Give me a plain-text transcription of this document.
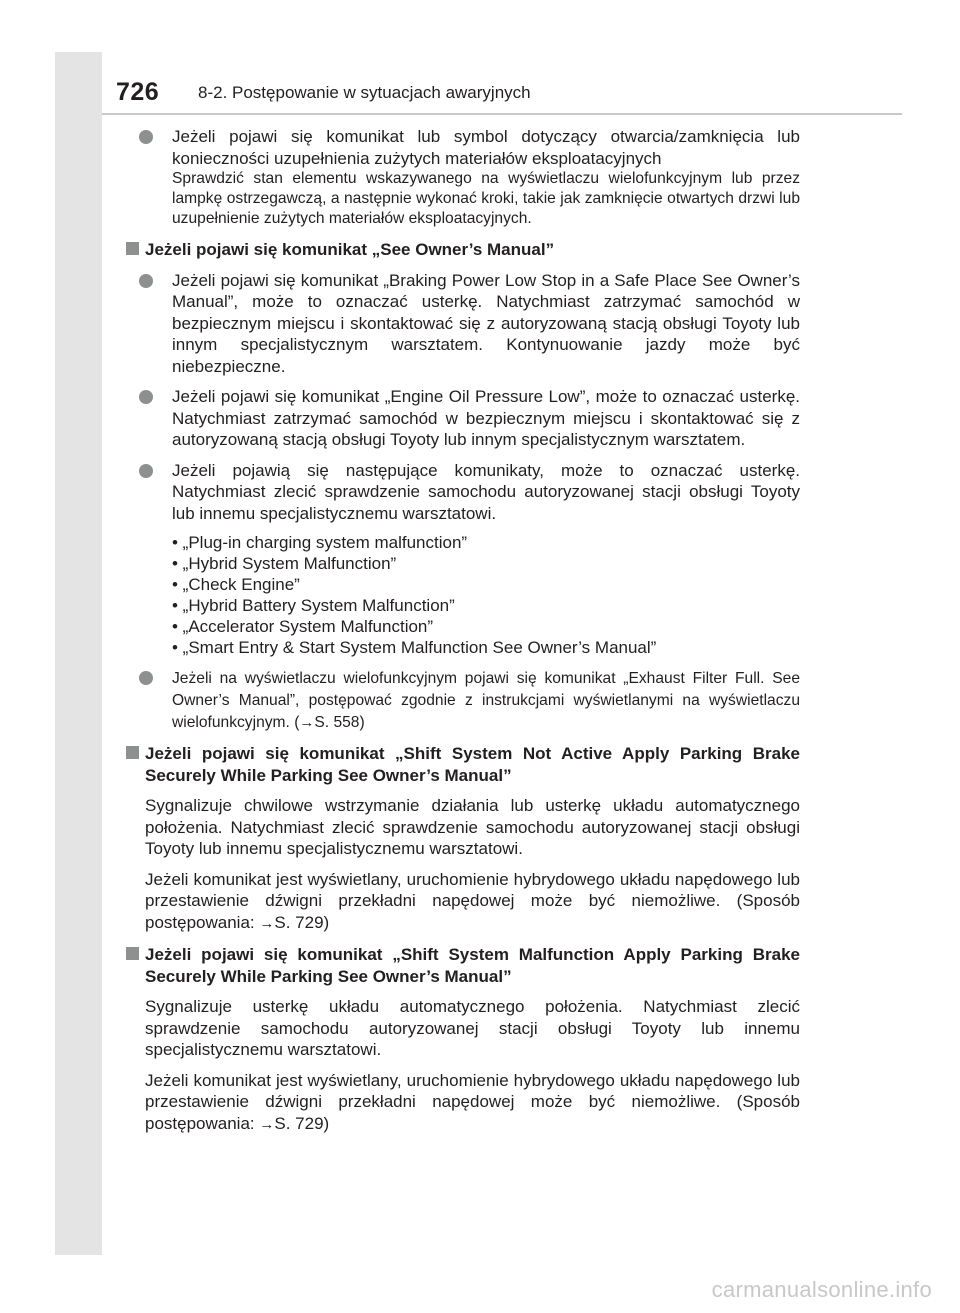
726 8-2. Postępowanie w sytuacjach awaryjnych
Jeżeli pojawi się komunikat lub symbol dotyczący otwarcia/zamknięcia lub konieczności uzupełnienia zużytych materiałów eksploatacyjnych
Sprawdzić stan elementu wskazywanego na wyświetlaczu wielofunkcyjnym lub przez lampkę ostrzegawczą, a następnie wykonać kroki, takie jak zamknięcie otwartych drzwi lub uzupełnienie zużytych materiałów eksploatacyjnych.
Jeżeli pojawi się komunikat „See Owner’s Manual”
Jeżeli pojawi się komunikat „Braking Power Low Stop in a Safe Place See Owner’s Manual”, może to oznaczać usterkę. Natychmiast zatrzymać samochód w bezpiecznym miejscu i skontaktować się z autoryzowaną stacją obsługi Toyoty lub innym specjalistycznym warsztatem. Kontynuowanie jazdy może być niebezpieczne.
Jeżeli pojawi się komunikat „Engine Oil Pressure Low”, może to oznaczać usterkę. Natychmiast zatrzymać samochód w bezpiecznym miejscu i skontaktować się z autoryzowaną stacją obsługi Toyoty lub innym specjalistycznym warsztatem.
Jeżeli pojawią się następujące komunikaty, może to oznaczać usterkę. Natychmiast zlecić sprawdzenie samochodu autoryzowanej stacji obsługi Toyoty lub innemu specjalistycznemu warsztatowi.
• „Plug-in charging system malfunction”
• „Hybrid System Malfunction”
• „Check Engine”
• „Hybrid Battery System Malfunction”
• „Accelerator System Malfunction”
• „Smart Entry & Start System Malfunction See Owner’s Manual”
Jeżeli na wyświetlaczu wielofunkcyjnym pojawi się komunikat „Exhaust Filter Full. See Owner’s Manual”, postępować zgodnie z instrukcjami wyświetlanymi na wyświetlaczu wielofunkcyjnym. (→S. 558)
Jeżeli pojawi się komunikat „Shift System Not Active Apply Parking Brake Securely While Parking See Owner’s Manual”
Sygnalizuje chwilowe wstrzymanie działania lub usterkę układu automatycznego położenia. Natychmiast zlecić sprawdzenie samochodu autoryzowanej stacji obsługi Toyoty lub innemu specjalistycznemu warsztatowi.
Jeżeli komunikat jest wyświetlany, uruchomienie hybrydowego układu napędowego lub przestawienie dźwigni przekładni napędowej może być niemożliwe. (Sposób postępowania: →S. 729)
Jeżeli pojawi się komunikat „Shift System Malfunction Apply Parking Brake Securely While Parking See Owner’s Manual”
Sygnalizuje usterkę układu automatycznego położenia. Natychmiast zlecić sprawdzenie samochodu autoryzowanej stacji obsługi Toyoty lub innemu specjalistycznemu warsztatowi.
Jeżeli komunikat jest wyświetlany, uruchomienie hybrydowego układu napędowego lub przestawienie dźwigni przekładni napędowej może być niemożliwe. (Sposób postępowania: →S. 729)
carmanualsonline.info
